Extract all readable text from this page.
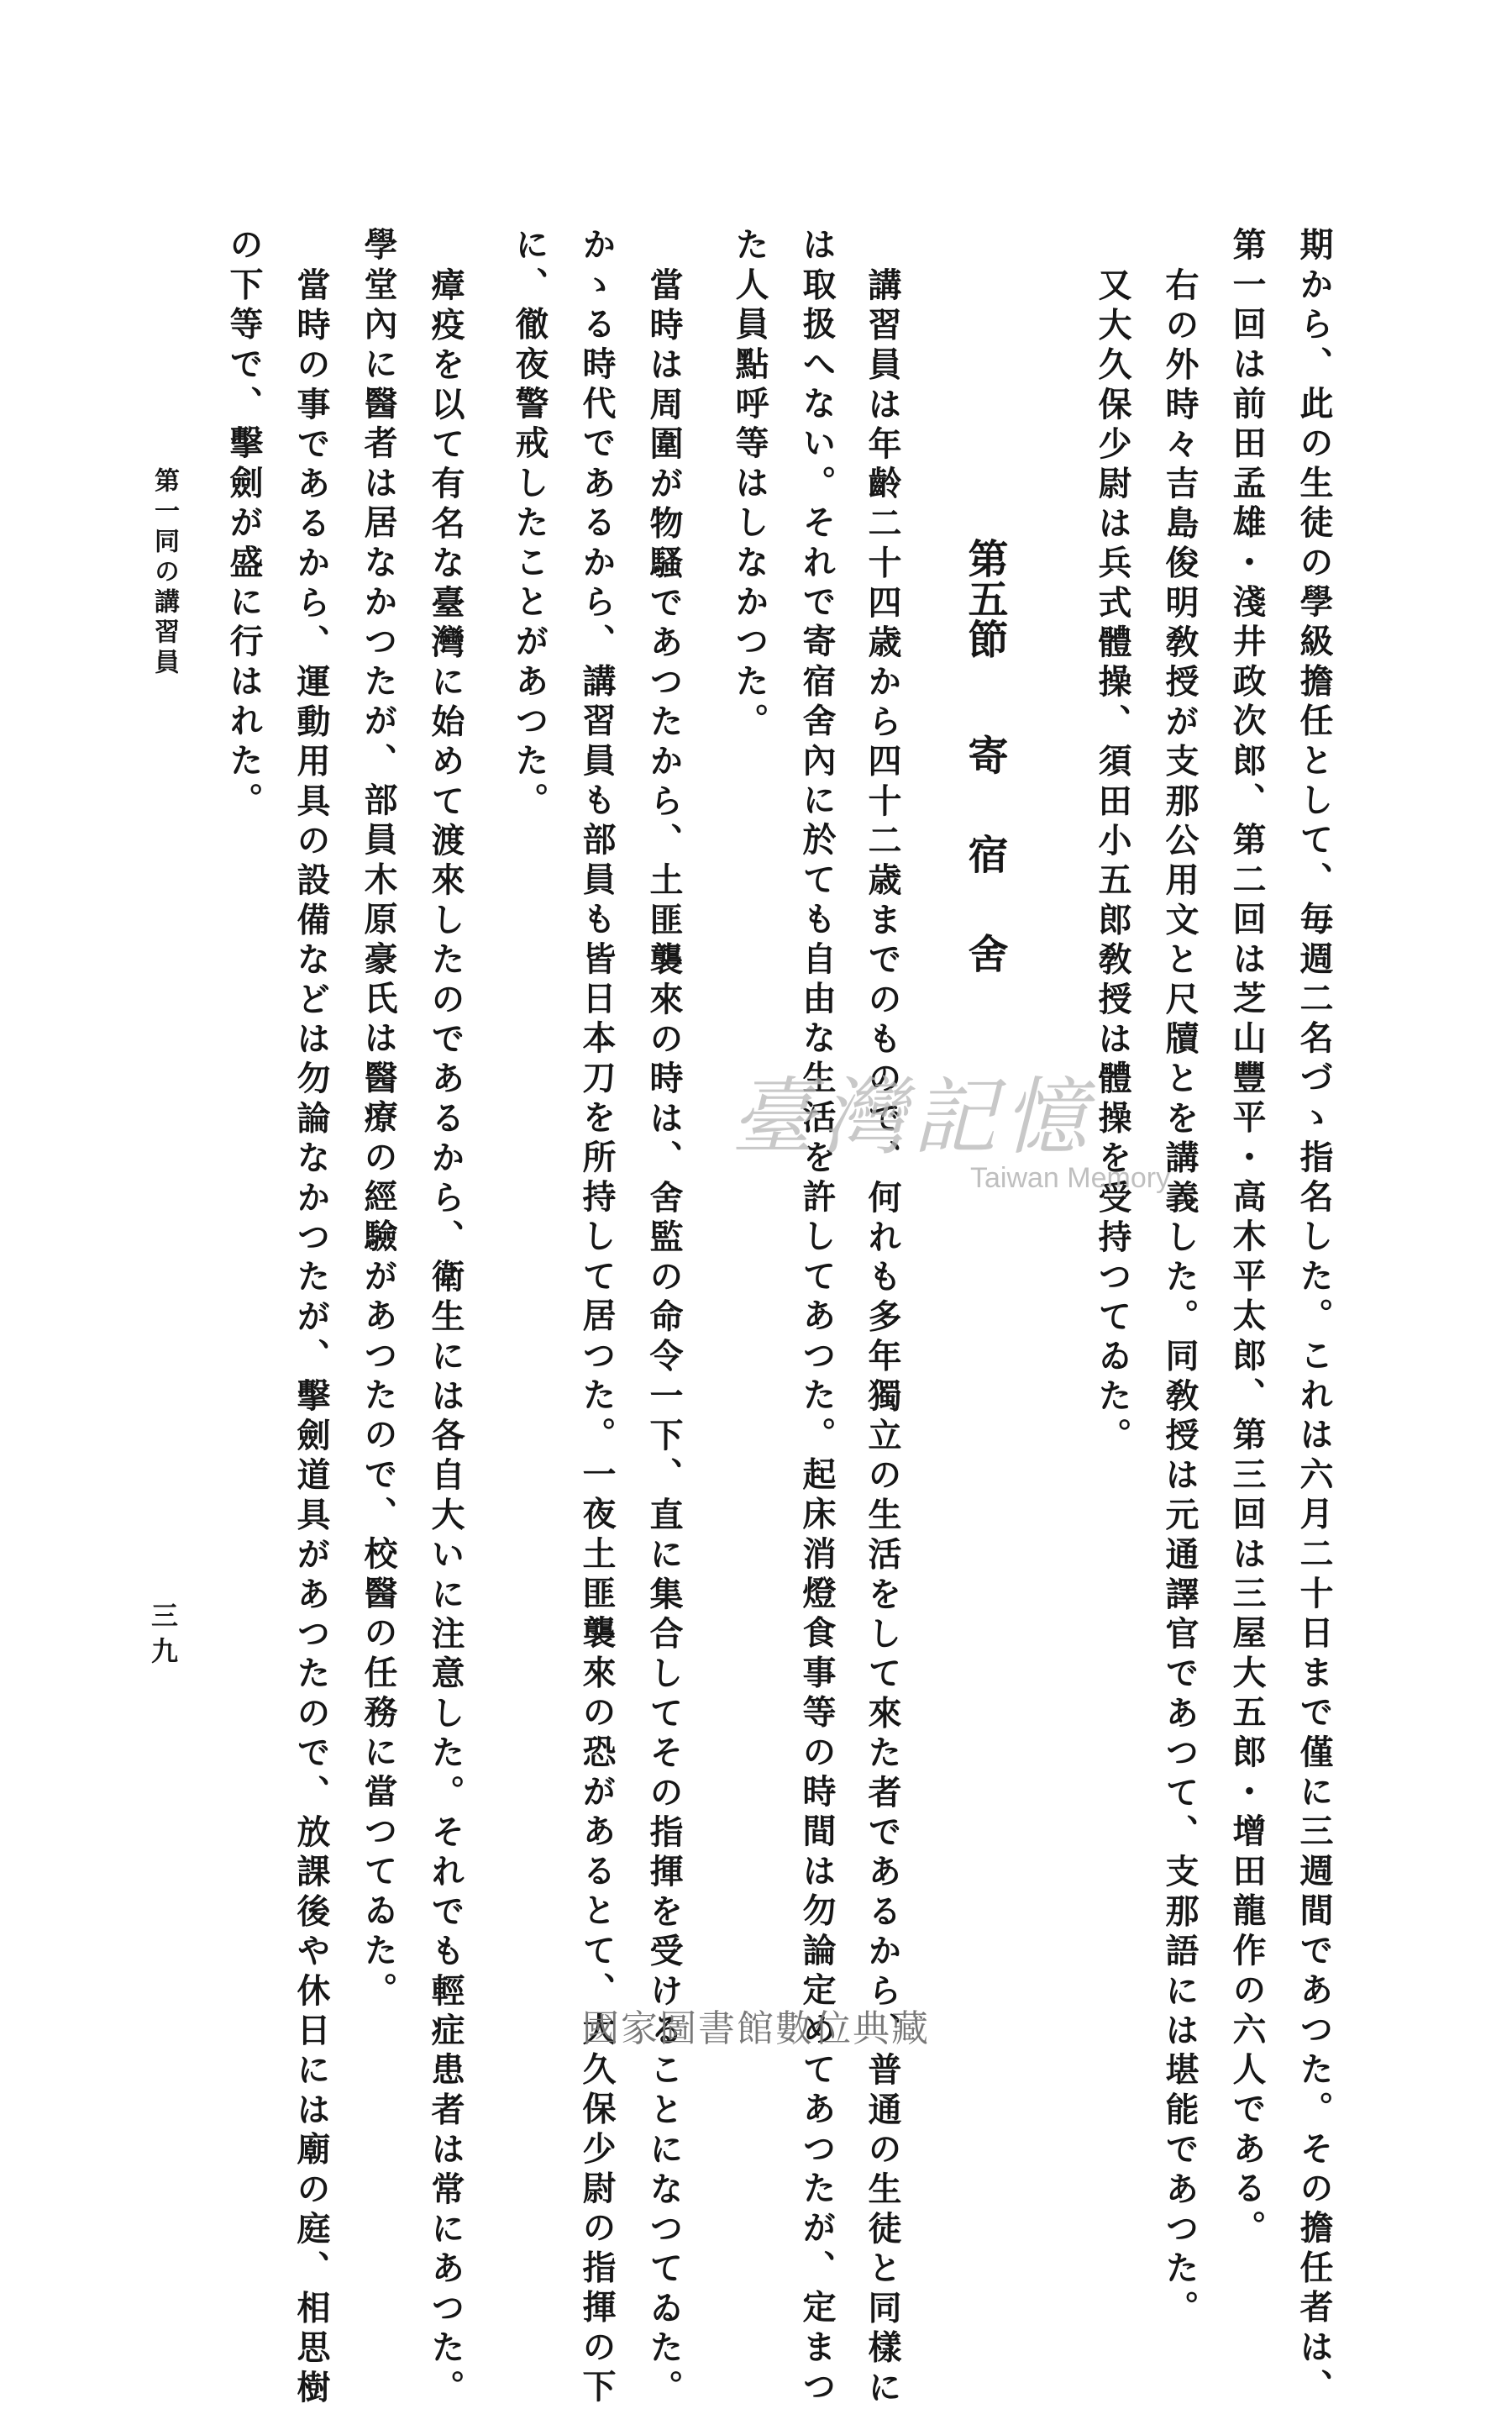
期から、此の生徒の學級擔任として、毎週二名づゝ指名した。これは六月二十日まで僅に三週間であつた。その擔任者は、
第一回は前田孟雄・淺井政次郎、第二回は芝山豐平・高木平太郎、第三回は三屋大五郎・增田龍作の六人である。
右の外時々吉島俊明敎授が支那公用文と尺牘とを講義した。同敎授は元通譯官であつて、支那語には堪能であつた。
又大久保少尉は兵式體操、須田小五郎敎授は體操を受持つてゐた。
第五節寄宿舍
講習員は年齡二十四歳から四十二歳までのもので、何れも多年獨立の生活をして來た者であるから、普通の生徒と同樣に
は取扱へない。それで寄宿舍內に於ても自由な生活を許してあつた。起床消燈食事等の時間は勿論定めてあつたが、定まつ
た人員點呼等はしなかつた。
當時は周圍が物騷であつたから、土匪襲來の時は、舍監の命令一下、直に集合してその指揮を受けることになつてゐた。
かゝる時代であるから、講習員も部員も皆日本刀を所持して居つた。一夜土匪襲來の恐があるとて、大久保少尉の指揮の下
に、徹夜警戒したことがあつた。
瘴疫を以て有名な臺灣に始めて渡來したのであるから、衛生には各自大いに注意した。それでも輕症患者は常にあつた。
學堂內に醫者は居なかつたが、部員木原豪氏は醫療の經驗があつたので、校醫の任務に當つてゐた。
當時の事であるから、運動用具の設備などは勿論なかつたが、擊劍道具があつたので、放課後や休日には廟の庭、相思樹
の下等で、擊劍が盛に行はれた。
第一同の講習員
三九
臺灣記憶
Taiwan Memory
國家圖書館數位典藏
